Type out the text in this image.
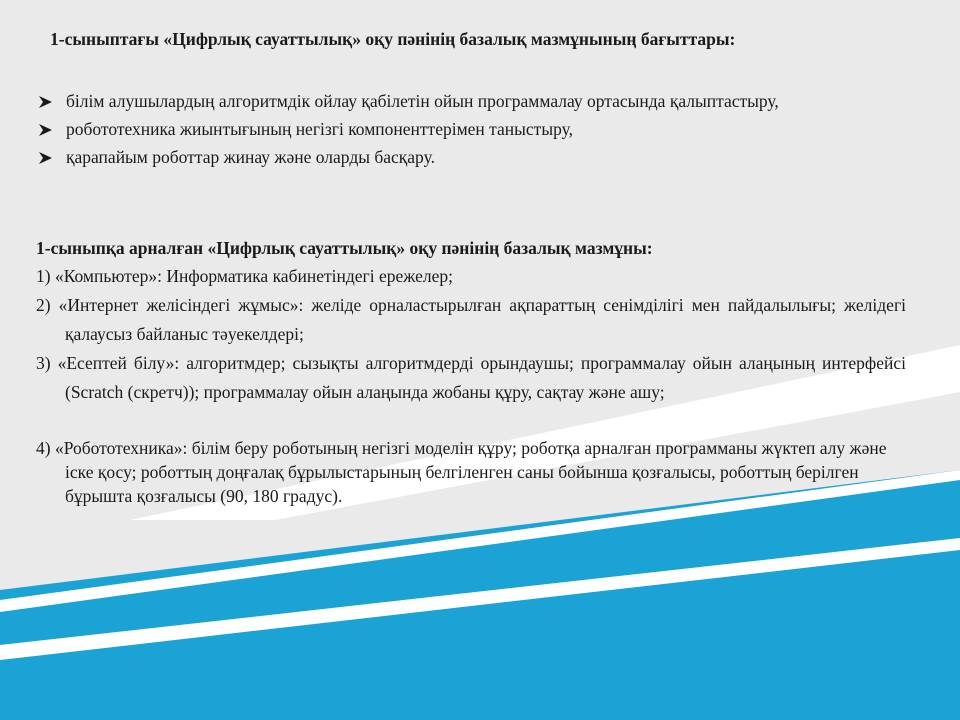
1-сыныптағы «Цифрлық сауаттылық» оқу пәнінің базалық мазмұнының бағыттары:
білім алушылардың алгоритмдік ойлау қабілетін ойын программалау ортасында қалыптастыру,
робототехника жиынтығының негізгі компоненттерімен таныстыру,
қарапайым роботтар жинау және оларды басқару.
1-сыныпқа арналған «Цифрлық сауаттылық» оқу пәнінің базалық мазмұны:
1) «Компьютер»: Информатика кабинетіндегі ережелер;
2) «Интернет желісіндегі жұмыс»: желіде орналастырылған ақпараттың сенімділігі мен пайдалылығы; желідегі қалаусыз байланыс тәуекелдері;
3) «Есептей білу»: алгоритмдер; сызықты алгоритмдерді орындаушы; программалау ойын алаңының интерфейсі (Scratch (скретч)); программалау ойын алаңында жобаны құру, сақтау және ашу;
4) «Робототехника»: білім беру роботының негізгі моделін құру; роботқа арналған программаны жүктеп алу және іске қосу; роботтың доңғалақ бұрылыстарының белгіленген саны бойынша қозғалысы, роботтың берілген бұрышта қозғалысы (90, 180 градус).
